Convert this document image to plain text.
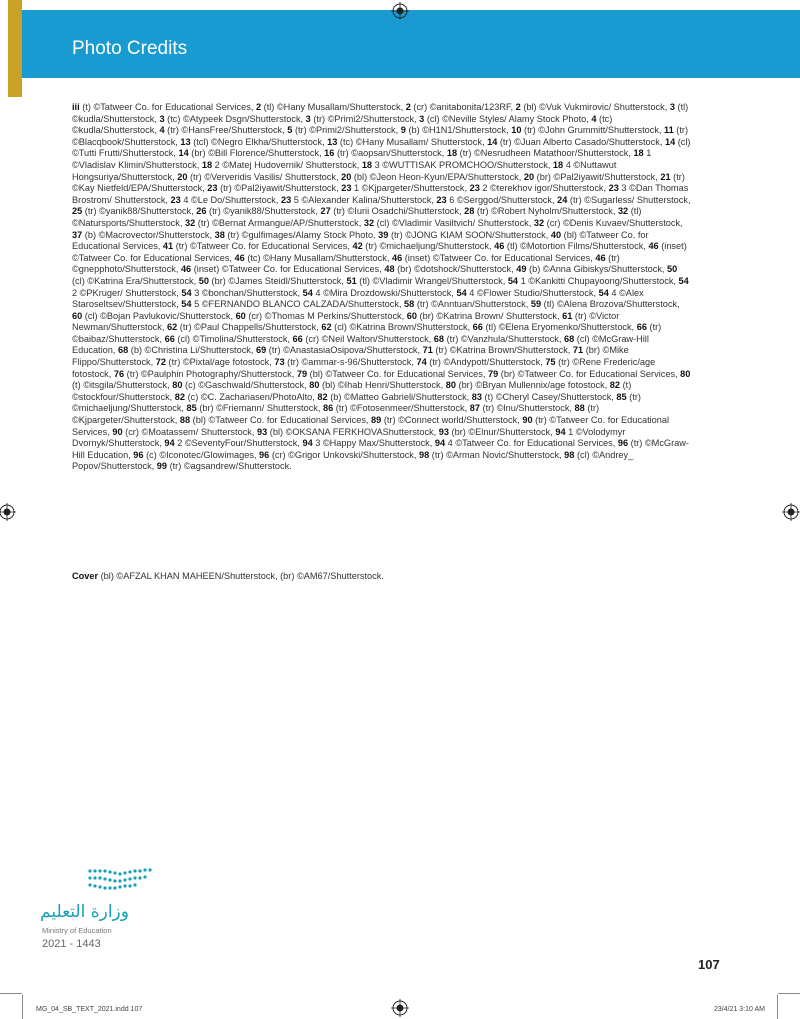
Photo Credits
iii (t) ©Tatweer Co. for Educational Services, 2 (tl) ©Hany Musallam/Shutterstock, 2 (cr) ©anitabonita/123RF, 2 (bl) ©Vuk Vukmirovic/ Shutterstock, 3 (tl) ©kudla/Shutterstock, 3 (tc) ©Atypeek Dsgn/Shutterstock, 3 (tr) ©Primi2/Shutterstock, 3 (cl) ©Neville Styles/ Alamy Stock Photo, 4 (tc) ©kudla/Shutterstock, 4 (tr) ©HansFree/Shutterstock, 5 (tr) ©Primi2/Shutterstock, 9 (b) ©H1N1/Shutterstock, 10 (tr) ©John Grummitt/Shutterstock, 11 (tr) ©Blacqbook/Shutterstock, 13 (tcl) ©Negro Elkha/Shutterstock, 13 (tc) ©Hany Musallam/ Shutterstock, 14 (tr) ©Juan Alberto Casado/Shutterstock, 14 (cl) ©Tutti Frutti/Shutterstock, 14 (br) ©Bill Florence/Shutterstock, 16 (tr) ©aopsan/Shutterstock, 18 (tr) ©Nesrudheen Matathoor/Shutterstock, 18 1 ©Vladislav Klimin/Shutterstock, 18 2 ©Matej Hudovernik/ Shutterstock, 18 3 ©WUTTISAK PROMCHOO/Shutterstock, 18 4 ©Nuttawut Hongsuriya/Shutterstock, 20 (tr) ©Ververidis Vasilis/ Shutterstock, 20 (bl) ©Jeon Heon-Kyun/EPA/Shutterstock, 20 (br) ©Pal2iyawit/Shutterstock, 21 (tr) ©Kay Nietfeld/EPA/Shutterstock, 23 (tr) ©Pal2iyawit/Shutterstock, 23 1 ©Kjpargeter/Shutterstock, 23 2 ©terekhov igor/Shutterstock, 23 3 ©Dan Thomas Brostrom/ Shutterstock, 23 4 ©Le Do/Shutterstock, 23 5 ©Alexander Kalina/Shutterstock, 23 6 ©Serggod/Shutterstock, 24 (tr) ©Sugarless/ Shutterstock, 25 (tr) ©yanik88/Shutterstock, 26 (tr) ©yanik88/Shutterstock, 27 (tr) ©Iurii Osadchi/Shutterstock, 28 (tr) ©Robert Nyholm/Shutterstock, 32 (tl) ©Natursports/Shutterstock, 32 (tr) ©Bernat Armangue/AP/Shutterstock, 32 (cl) ©Vladimir Vasiltvich/ Shutterstock, 32 (cr) ©Denis Kuvaev/Shutterstock, 37 (b) ©Macrovector/Shutterstock, 38 (tr) ©gulfimages/Alamy Stock Photo, 39 (tr) ©JONG KIAM SOON/Shutterstock, 40 (bl) ©Tatweer Co. for Educational Services, 41 (tr) ©Tatweer Co. for Educational Services, 42 (tr) ©michaeljung/Shutterstock, 46 (tl) ©Motortion Films/Shutterstock, 46 (inset) ©Tatweer Co. for Educational Services, 46 (tc) ©Hany Musallam/Shutterstock, 46 (inset) ©Tatweer Co. for Educational Services, 46 (tr) ©gnepphoto/Shutterstock, 46 (inset) ©Tatweer Co. for Educational Services, 48 (br) ©dotshock/Shutterstock, 49 (b) ©Anna Gibiskys/Shutterstock, 50 (cl) ©Katrina Era/Shutterstock, 50 (br) ©James Steidl/Shutterstock, 51 (tl) ©Vladimir Wrangel/Shutterstock, 54 1 ©Kankitti Chupayoong/Shutterstock, 54 2 ©PKruger/ Shutterstock, 54 3 ©bonchan/Shutterstock, 54 4 ©Mira Drozdowski/Shutterstock, 54 4 ©Flower Studio/Shutterstock, 54 4 ©Alex Staroseltsev/Shutterstock, 54 5 ©FERNANDO BLANCO CALZADA/Shutterstock, 58 (tr) ©Anntuan/Shutterstock, 59 (tl) ©Alena Brozova/Shutterstock, 60 (cl) ©Bojan Pavlukovic/Shutterstock, 60 (cr) ©Thomas M Perkins/Shutterstock, 60 (br) ©Katrina Brown/ Shutterstock, 61 (tr) ©Victor Newman/Shutterstock, 62 (tr) ©Paul Chappells/Shutterstock, 62 (cl) ©Katrina Brown/Shutterstock, 66 (tl) ©Elena Eryomenko/Shutterstock, 66 (tr) ©baibaz/Shutterstock, 66 (cl) ©Timolina/Shutterstock, 66 (cr) ©Neil Walton/Shutterstock, 68 (tr) ©Vanzhula/Shutterstock, 68 (cl) ©McGraw-Hill Education, 68 (b) ©Christina Li/Shutterstock, 69 (tr) ©AnastasiaOsipova/Shutterstock, 71 (tr) ©Katrina Brown/Shutterstock, 71 (br) ©Mike Flippo/Shutterstock, 72 (tr) ©Pixtal/age fotostock, 73 (tr) ©ammar-s-96/Shutterstock, 74 (tr) ©Andypott/Shutterstock, 75 (tr) ©Rene Frederic/age fotostock, 76 (tr) ©Paulphin Photography/Shutterstock, 79 (bl) ©Tatweer Co. for Educational Services, 79 (br) ©Tatweer Co. for Educational Services, 80 (t) ©itsgila/Shutterstock, 80 (c) ©Gaschwald/Shutterstock, 80 (bl) ©Ihab Henri/Shutterstock, 80 (br) ©Bryan Mullennix/age fotostock, 82 (t) ©stockfour/Shutterstock, 82 (c) ©C. Zachariasen/PhotoAlto, 82 (b) ©Matteo Gabrieli/Shutterstock, 83 (t) ©Cheryl Casey/Shutterstock, 85 (tr) ©michaeljung/Shutterstock, 85 (br) ©Friemann/ Shutterstock, 86 (tr) ©Fotosenmeer/Shutterstock, 87 (tr) ©lnu/Shutterstock, 88 (tr) ©Kjpargeter/Shutterstock, 88 (bl) ©Tatweer Co. for Educational Services, 89 (tr) ©Connect world/Shutterstock, 90 (tr) ©Tatweer Co. for Educational Services, 90 (cr) ©Moatassem/ Shutterstock, 93 (bl) ©OKSANA FERKHOVAShutterstock, 93 (br) ©Elnur/Shutterstock, 94 1 ©Volodymyr Dvornyk/Shutterstock, 94 2 ©SeventyFour/Shutterstock, 94 3 ©Happy Max/Shutterstock, 94 4 ©Tatweer Co. for Educational Services, 96 (tr) ©McGraw-Hill Education, 96 (c) ©Iconotec/Glowimages, 96 (cr) ©Grigor Unkovski/Shutterstock, 98 (tr) ©Arman Novic/Shutterstock, 98 (cl) ©Andrey_ Popov/Shutterstock, 99 (tr) ©agsandrew/Shutterstock.
Cover (bl) ©AFZAL KHAN MAHEEN/Shutterstock, (br) ©AM67/Shutterstock.
وزارة التعليم
Ministry of Education
2021 - 1443
107
MG_04_SB_TEXT_2021.indd 107	23/4/21 3:10 AM
